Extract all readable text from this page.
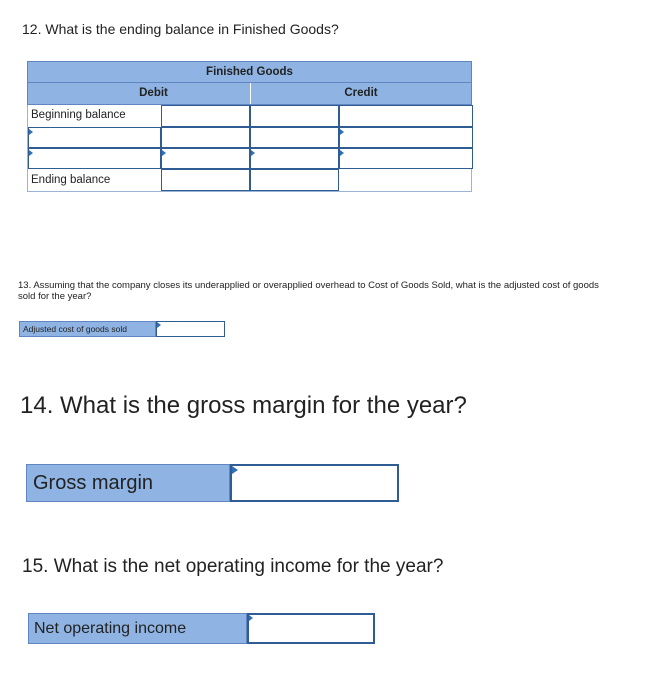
12. What is the ending balance in Finished Goods?
Finished Goods
Debit	Credit
Beginning balance
Ending balance
13. Assuming that the company closes its underapplied or overapplied overhead to Cost of Goods Sold, what is the adjusted cost of goods sold for the year?
Adjusted cost of goods sold
14. What is the gross margin for the year?
Gross margin
15. What is the net operating income for the year?
Net operating income
